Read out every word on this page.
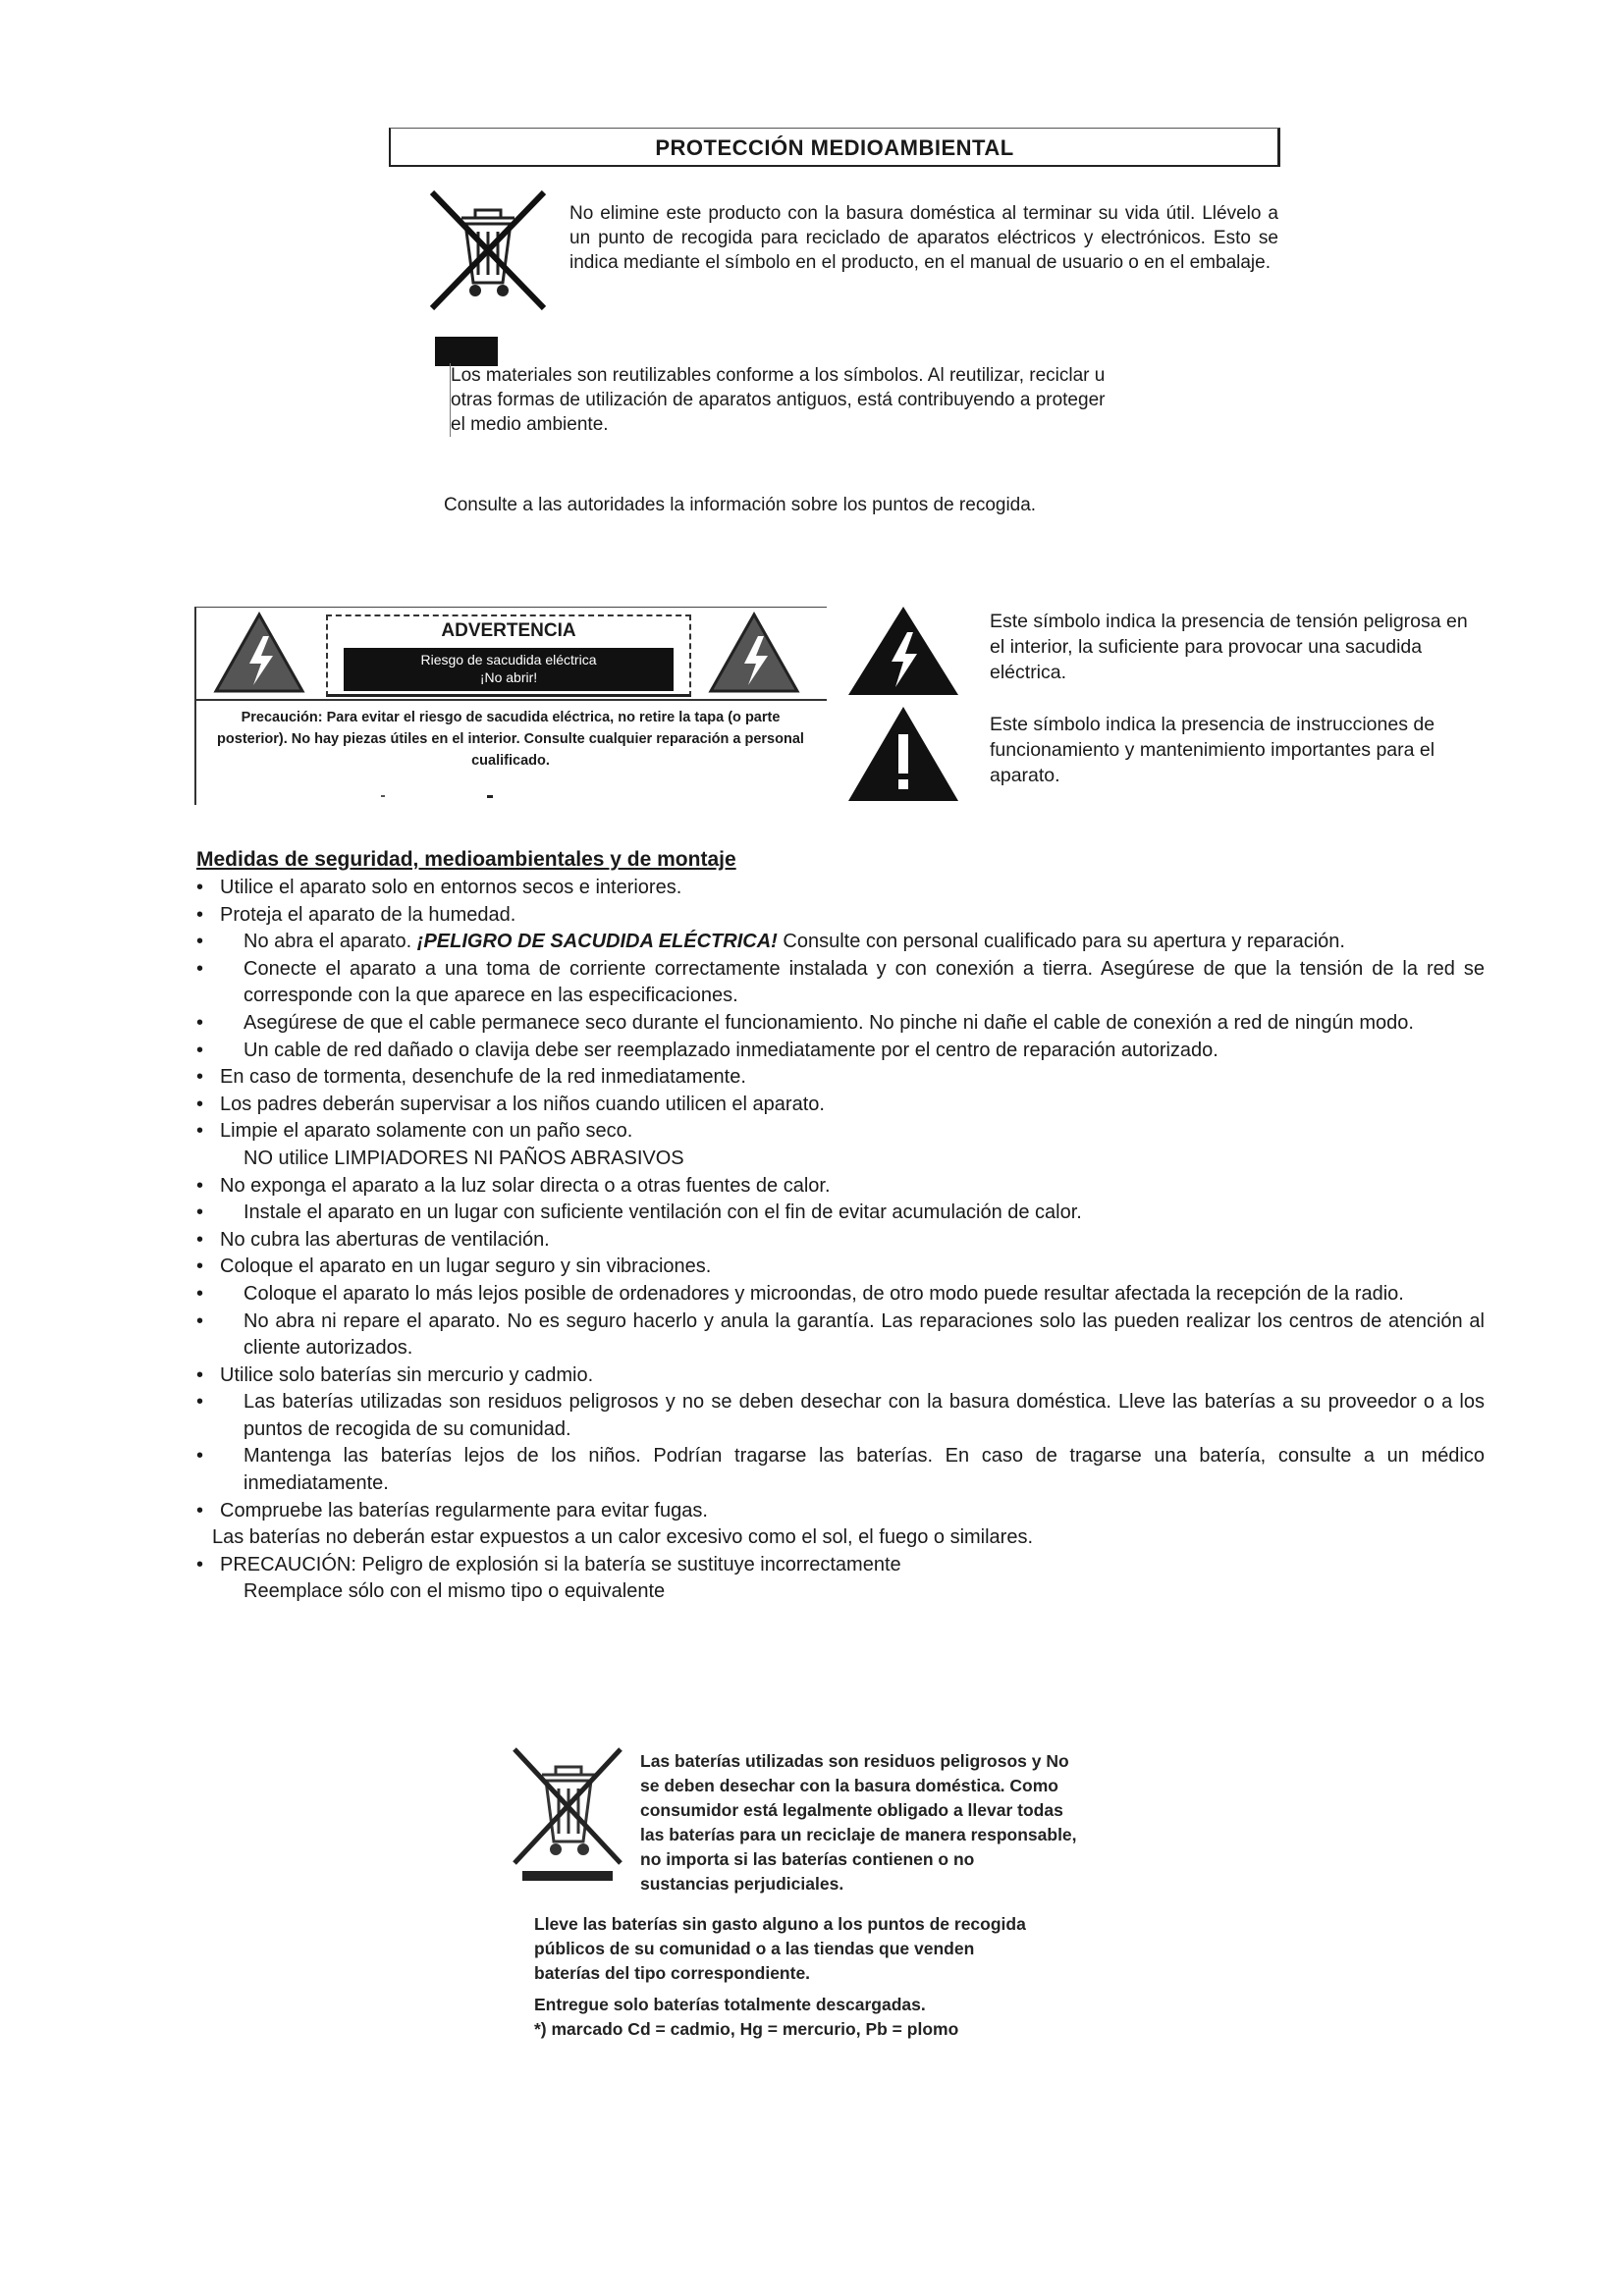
PROTECCIÓN MEDIOAMBIENTAL
No elimine este producto con la basura doméstica al terminar su vida útil. Llévelo a un punto de recogida para reciclado de aparatos eléctricos y electrónicos. Esto se indica mediante el símbolo en el producto, en el manual de usuario o en el embalaje.
Los materiales son reutilizables conforme a los símbolos. Al reutilizar, reciclar u
otras formas de utilización de aparatos antiguos, está contribuyendo a proteger
el medio ambiente.
Consulte a las autoridades la información sobre los puntos de recogida.
ADVERTENCIA
Riesgo de sacudida eléctrica
¡No abrir!
Precaución: Para evitar el riesgo de sacudida eléctrica, no retire la tapa (o parte posterior). No hay piezas útiles en el interior. Consulte cualquier reparación a personal cualificado.
Este símbolo indica la presencia de tensión peligrosa en el interior, la suficiente para provocar una sacudida eléctrica.
Este símbolo indica la presencia de instrucciones de funcionamiento y mantenimiento importantes para el aparato.
Medidas de seguridad, medioambientales y de montaje
• Utilice el aparato solo en entornos secos e interiores.
• Proteja el aparato de la humedad.
• No abra el aparato. ¡PELIGRO DE SACUDIDA ELÉCTRICA! Consulte con personal cualificado para su apertura y reparación.
• Conecte el aparato a una toma de corriente correctamente instalada y con conexión a tierra. Asegúrese de que la tensión de la red se corresponde con la que aparece en las especificaciones.
• Asegúrese de que el cable permanece seco durante el funcionamiento. No pinche ni dañe el cable de conexión a red de ningún modo.
• Un cable de red dañado o clavija debe ser reemplazado inmediatamente por el centro de reparación autorizado.
• En caso de tormenta, desenchufe de la red inmediatamente.
• Los padres deberán supervisar a los niños cuando utilicen el aparato.
• Limpie el aparato solamente con un paño seco.
NO utilice LIMPIADORES NI PAÑOS ABRASIVOS
• No exponga el aparato a la luz solar directa o a otras fuentes de calor.
• Instale el aparato en un lugar con suficiente ventilación con el fin de evitar acumulación de calor.
• No cubra las aberturas de ventilación.
• Coloque el aparato en un lugar seguro y sin vibraciones.
• Coloque el aparato lo más lejos posible de ordenadores y microondas, de otro modo puede resultar afectada la recepción de la radio.
• No abra ni repare el aparato. No es seguro hacerlo y anula la garantía. Las reparaciones solo las pueden realizar los centros de atención al cliente autorizados.
• Utilice solo baterías sin mercurio y cadmio.
• Las baterías utilizadas son residuos peligrosos y no se deben desechar con la basura doméstica. Lleve las baterías a su proveedor o a los puntos de recogida de su comunidad.
• Mantenga las baterías lejos de los niños. Podrían tragarse las baterías. En caso de tragarse una batería, consulte a un médico inmediatamente.
• Compruebe las baterías regularmente para evitar fugas.
Las baterías no deberán estar expuestos a un calor excesivo como el sol, el fuego o similares.
• PRECAUCIÓN: Peligro de explosión si la batería se sustituye incorrectamente
Reemplace sólo con el mismo tipo o equivalente
Las baterías utilizadas son residuos peligrosos y No
se deben desechar con la basura doméstica. Como
consumidor está legalmente obligado a llevar todas
las baterías para un reciclaje de manera responsable,
no importa si las baterías contienen o no
sustancias perjudiciales.
Lleve las baterías sin gasto alguno a los puntos de recogida
públicos de su comunidad o a las tiendas que venden
baterías del tipo correspondiente.
Entregue solo baterías totalmente descargadas.
*) marcado Cd = cadmio, Hg = mercurio, Pb = plomo
